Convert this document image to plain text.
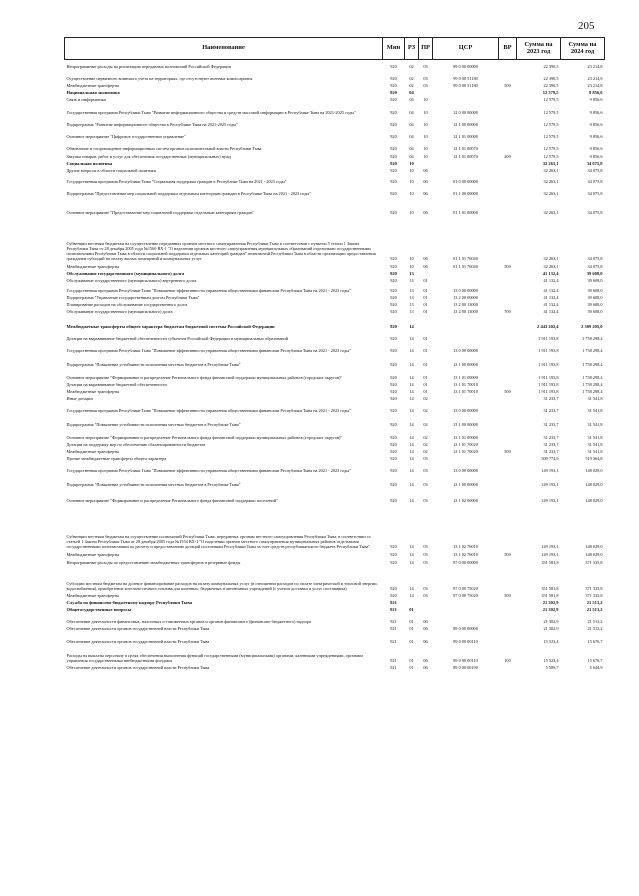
205
Наименование	Мин	РЗ	ПР	ЦСР	ВР	Сумма на 2023 год	Сумма на 2024 год
Непрограммные расходы на реализацию переданных полномочий Российской Федерации	920	02	03	99 0 00 00000		22 390,5	23 214,8
Осуществление первичного воинского учета на территориях, где отсутствуют военные комиссариаты	920	02	03	99 0 00 51180		22 390,5	23 214,8
Межбюджетные трансферты	920	02	03	99 0 00 51180	500	22 390,5	23 214,8
Национальная экономика	920	04				12 579,5	9 856,6
Связь и информатика	920	04	10			12 579,5	9 856,6
Государственная программа Республики Тыва "Развитие информационного общества и средств массовой информации в Республике Тыва на 2021-2025 годы"	920	04	10	12 0 00 00000		12 579,5	9 856,6
Подпрограмма "Развитие информационного общества в Республике Тыва на 2021-2025 годы"	920	04	10	12 1 00 00000		12 579,5	9 856,6
Основное мероприятие "Цифровое государственное управление"	920	04	10	12 1 01 00000		12 579,5	9 856,6
Обновление и сопровождение информационных систем органов исполнительной власти Республики Тыва	920	04	10	12 1 01 00070		12 579,5	9 856,6
Закупка товаров, работ и услуг для обеспечения государственных (муниципальных) нужд	920	04	10	12 1 01 00070	200	12 579,5	9 856,6
Социальная политика	920	10				32 263,1	34 075,8
Другие вопросы в области социальной политики	920	10	06			32 263,1	34 075,8
Государственная программа Республики Тыва "Социальная поддержка граждан в Республике Тыва на 2021 - 2023 годы"	920	10	06	01 0 00 00000		32 263,1	34 075,8
Подпрограмма "Предоставление мер социальной поддержки отдельным категориям граждан в Республике Тыва на 2021 - 2023 годы"	920	10	06	01 1 00 00000		32 263,1	34 075,8
Основное мероприятие "Предоставление мер социальной поддержки отдельным категориям граждан"	920	10	06	01 1 01 00000		32 263,1	34 075,8
Субвенции местным бюджетам на осуществление переданных органам местного самоуправления Республики Тыва в соответствии с пунктом 5 статьи 1 Закона Республики Тыва от 28 декабря 2005 года №1560 ВХ-1 "О наделении органов местного самоуправления муниципальных образований отдельными государственными полномочиями Республики Тыва в области социальной поддержки отдельных категорий граждан" полномочий Республики Тыва в области организации предоставления гражданам субсидий на оплату жилых помещений и коммунальных услуг	920	10	06	01 1 01 76040		32 263,1	34 075,8
Межбюджетные трансферты	920	10	06	01 1 01 76040	500	32 263,1	34 075,8
Обслуживание государственного (муниципального) долга	920	13				41 132,4	39 608,0
Обслуживание государственного (муниципального) внутреннего долга	920	13	01			41 132,4	39 608,0
Государственная программа Республики Тыва "Повышение эффективности управления общественными финансами Республики Тыва на 2021 - 2023 годы"	920	13	01	13 0 00 00000		41 132,4	39 608,0
Подпрограмма "Управление государственным долгом Республики Тыва"	920	13	01	13 2 00 00000		41 132,4	39 608,0
Планирование расходов на обслуживание государственного долга	920	13	01	13 2 00 13000		41 132,4	39 608,0
Обслуживание государственного (муниципального) долга	920	13	01	13 2 00 13000	700	41 132,4	39 608,0
Межбюджетные трансферты общего характера бюджетам бюджетной системы Российской Федерации	920	14				2 443 202,4	2 309 205,0
Дотации на выравнивание бюджетной обеспеченности субъектов Российской Федерации и муниципальных образований	920	14	01			1 911 193,8	1 758 298,4
Государственная программа Республики Тыва "Повышение эффективности управления общественными финансами Республики Тыва на 2021 - 2023 годы"	920	14	01	13 0 00 00000		1 911 193,8	1 758 298,4
Подпрограмма "Повышение устойчивости исполнения местных бюджетов в Республике Тыва"	920	14	01	13 1 00 00000		1 911 193,8	1 758 298,4
Основное мероприятие "Формирование и распределение Регионального фонда финансовой поддержки муниципальных районов (городских округов)"	920	14	01	13 1 01 00000		1 911 193,8	1 758 298,4
Дотации на выравнивание бюджетной обеспеченности	920	14	01	13 1 01 70010		1 911 193,8	1 758 298,4
Межбюджетные трансферты	920	14	01	13 1 01 70010	500	1 911 193,8	1 758 298,4
Иные дотации	920	14	02			31 233,7	31 541,8
Государственная программа Республики Тыва "Повышение эффективности управления общественными финансами Республики Тыва на 2021 - 2023 годы"	920	14	02	13 0 00 00000		31 233,7	31 541,8
Подпрограмма "Повышение устойчивости исполнения местных бюджетов в Республике Тыва"	920	14	02	13 1 00 00000		31 233,7	31 541,8
Основное мероприятие "Формирование и распределение Регионального фонда финансовой поддержки муниципальных районов (городских округов)"	920	14	02	13 1 01 00000		31 233,7	31 541,8
Дотации на поддержку мер по обеспечению сбалансированности бюджетов	920	14	02	13 1 01 70020		31 233,7	31 541,8
Межбюджетные трансферты	920	14	02	13 1 01 70020	500	31 233,7	31 541,8
Прочие межбюджетные трансферты общего характера	920	14	03			500 774,9	519 364,8
Государственная программа Республики Тыва "Повышение эффективности управления общественными финансами Республики Тыва на 2021 - 2023 годы"	920	14	03	13 0 00 00000		149 193,1	148 029,0
Подпрограмма "Повышение устойчивости исполнения местных бюджетов в Республике Тыва"	920	14	03	13 1 00 00000		149 193,1	148 029,0
Основное мероприятие "Формирование и распределение Регионального фонда финансовой поддержки поселений"	920	14	03	13 1 02 00000		149 193,1	148 029,0
Субвенции местным бюджетам на осуществление полномочий Республики Тыва, переданных органам местного самоуправления Республики Тыва, в соответствии со статьей 1 Закона Республики Тыва от 28 декабря 2005 года №1554 ВХ-1 "О наделении органов местного самоуправления муниципальных районов отдельными государственными полномочиями по расчету и предоставлению дотаций поселениям Республики Тыва за счет средств республиканского бюджета Республики Тыва"	920	14	03	13 1 02 76010		149 193,1	148 029,0
Межбюджетные трансферты	920	14	03	13 1 02 76010	500	149 193,1	148 029,0
Непрограммные расходы по предоставлению межбюджетных трансфертов и резервные фонды	920	14	03	97 0 00 00000		351 581,8	371 335,8
Субсидии местным бюджетам на долевое финансирование расходов на оплату коммунальных услуг (в отношении расходов по оплате электрической и тепловой энергии, водоснабжения), приобретение котельно-печного топлива для казенных, бюджетных и автономных учреждений (с учетом доставки и услуг поставщика)	920	14	03	97 0 00 75020		351 581,8	371 335,8
Межбюджетные трансферты	920	14	03	97 0 00 75020	500	351 581,8	371 335,8
Служба по финансово-бюджетному надзору Республики Тыва	921					21 302,9	21 513,2
Общегосударственные вопросы	921	01				21 302,9	21 513,2
Обеспечение деятельности финансовых, налоговых и таможенных органов и органов финансового (финансово-бюджетного) надзора	921	01	06			21 302,9	21 513,2
Обеспечение деятельности органов государственной власти Республики Тыва	921	01	06	89 0 00 00000		21 302,9	21 513,2
Обеспечение деятельности органов государственной власти Республики Тыва	921	01	06	89 0 00 00110		15 523,4	15 676,7
Расходы на выплаты персоналу в целях обеспечения выполнения функций государственными (муниципальными) органами, казенными учреждениями, органами управления государственными внебюджетными фондами	921	01	06	89 0 00 00110	100	15 523,4	15 676,7
Обеспечение деятельности органов государственной власти Республики Тыва	921	01	06	89 0 00 00190		5 589,7	5 644,9
